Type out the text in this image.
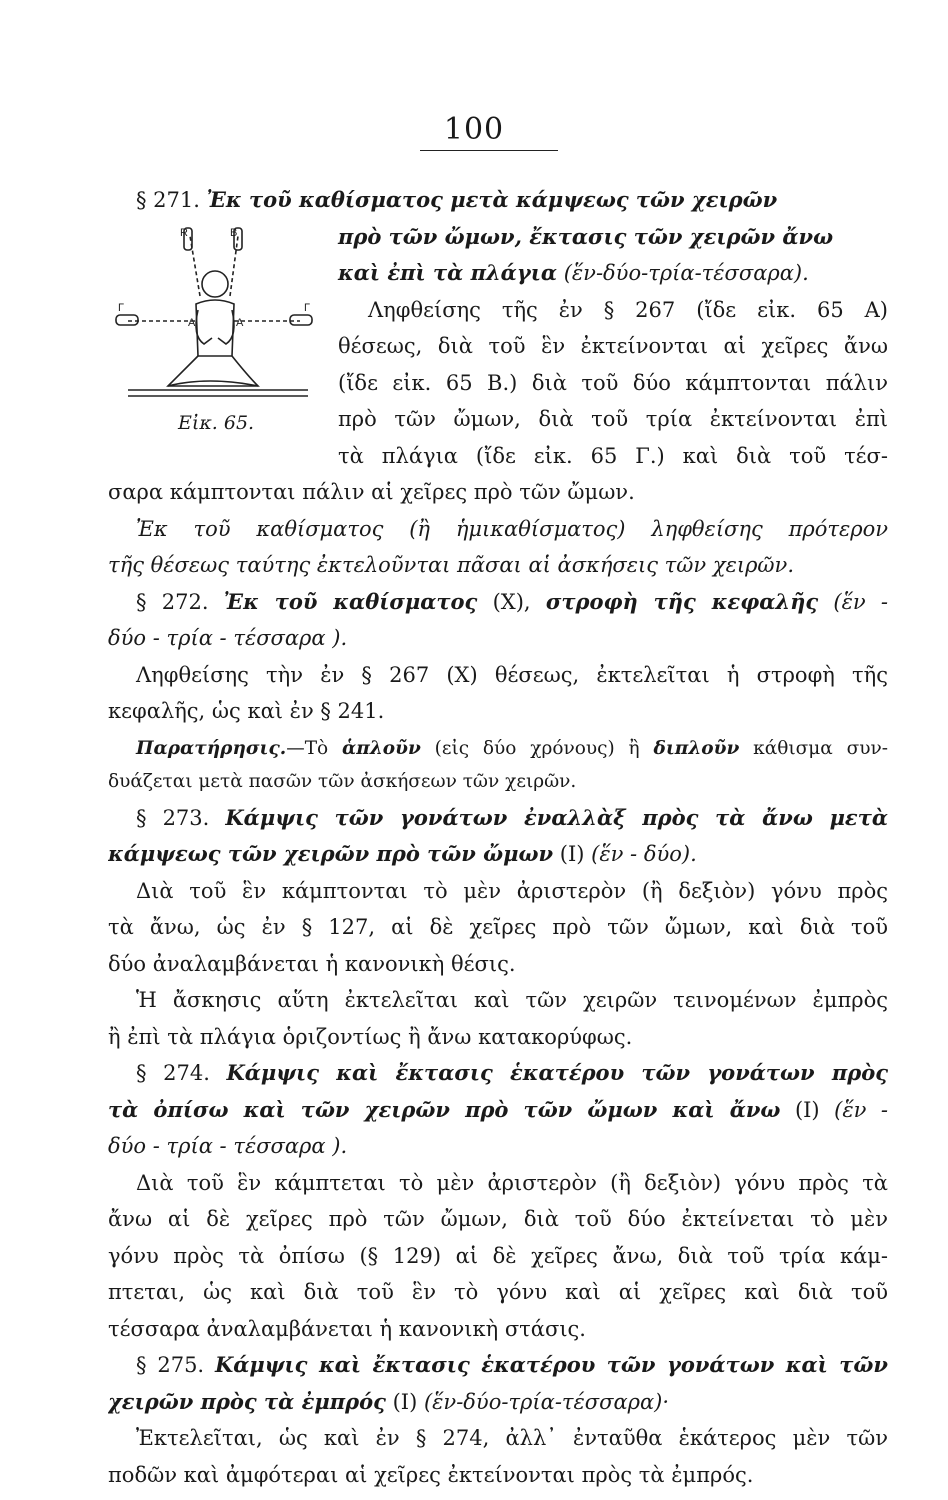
100
R	B
Γ	Γ
A	A
Εἰκ. 65.
§ 271. Ἐκ τοῦ καθίσματος μετὰ κάμψεως τῶν χειρῶν
πρὸ τῶν ὤμων, ἔκτασις τῶν χειρῶν ἄνω
καὶ ἐπὶ τὰ πλάγια (ἕν-δύο-τρία-τέσσαρα).
Ληφθείσης τῆς ἐν § 267 (ἴδε εἰκ. 65 Α)
θέσεως, διὰ τοῦ ἓν ἐκτείνονται αἱ χεῖρες ἄνω
(ἴδε εἰκ. 65 Β.) διὰ τοῦ δύο κάμπτονται πάλιν
πρὸ τῶν ὤμων, διὰ τοῦ τρία ἐκτείνονται ἐπὶ
τὰ πλάγια (ἴδε εἰκ. 65 Γ.) καὶ διὰ τοῦ τέσ-
σαρα κάμπτονται πάλιν αἱ χεῖρες πρὸ τῶν ὤμων.
Ἐκ τοῦ καθίσματος (ἢ ἡμικαθίσματος) ληφθείσης πρότερον
τῆς θέσεως ταύτης ἐκτελοῦνται πᾶσαι αἱ ἀσκήσεις τῶν χειρῶν.
§ 272. Ἐκ τοῦ καθίσματος (Χ), στροφὴ τῆς κεφαλῆς (ἕν -
δύο - τρία - τέσσαρα ).
Ληφθείσης τὴν ἐν § 267 (Χ) θέσεως, ἐκτελεῖται ἡ στροφὴ τῆς
κεφαλῆς, ὡς καὶ ἐν § 241.
Παρατήρησις.—Τὸ ἁπλοῦν (εἰς δύο χρόνους) ἢ διπλοῦν κάθισμα συν-
δυάζεται μετὰ πασῶν τῶν ἀσκήσεων τῶν χειρῶν.
§ 273. Κάμψις τῶν γονάτων ἐναλλὰξ πρὸς τὰ ἄνω μετὰ
κάμψεως τῶν χειρῶν πρὸ τῶν ὤμων (Ι) (ἕν - δύο).
Διὰ τοῦ ἓν κάμπτονται τὸ μὲν ἀριστερὸν (ἢ δεξιὸν) γόνυ πρὸς
τὰ ἄνω, ὡς ἐν § 127, αἱ δὲ χεῖρες πρὸ τῶν ὤμων, καὶ διὰ τοῦ
δύο ἀναλαμβάνεται ἡ κανονικὴ θέσις.
Ἡ ἄσκησις αὕτη ἐκτελεῖται καὶ τῶν χειρῶν τεινομένων ἐμπρὸς
ἢ ἐπὶ τὰ πλάγια ὁριζοντίως ἢ ἄνω κατακορύφως.
§ 274. Κάμψις καὶ ἔκτασις ἑκατέρου τῶν γονάτων πρὸς
τὰ ὀπίσω καὶ τῶν χειρῶν πρὸ τῶν ὤμων καὶ ἄνω (Ι) (ἕν -
δύο - τρία - τέσσαρα ).
Διὰ τοῦ ἓν κάμπτεται τὸ μὲν ἀριστερὸν (ἢ δεξιὸν) γόνυ πρὸς τὰ
ἄνω αἱ δὲ χεῖρες πρὸ τῶν ὤμων, διὰ τοῦ δύο ἐκτείνεται τὸ μὲν
γόνυ πρὸς τὰ ὀπίσω (§ 129) αἱ δὲ χεῖρες ἄνω, διὰ τοῦ τρία κάμ-
πτεται, ὡς καὶ διὰ τοῦ ἓν τὸ γόνυ καὶ αἱ χεῖρες καὶ διὰ τοῦ
τέσσαρα ἀναλαμβάνεται ἡ κανονικὴ στάσις.
§ 275. Κάμψις καὶ ἔκτασις ἑκατέρου τῶν γονάτων καὶ τῶν
χειρῶν πρὸς τὰ ἐμπρός (Ι) (ἕν-δύο-τρία-τέσσαρα)·
Ἐκτελεῖται, ὡς καὶ ἐν § 274, ἀλλ᾽ ἐνταῦθα ἑκάτερος μὲν τῶν
ποδῶν καὶ ἀμφότεραι αἱ χεῖρες ἐκτείνονται πρὸς τὰ ἐμπρός.
